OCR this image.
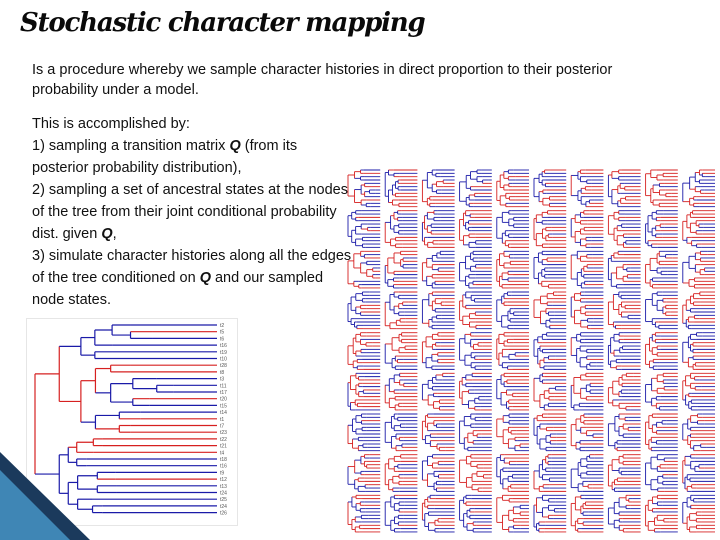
Stochastic character mapping

Is a procedure whereby we sample character histories in direct proportion to their posterior probability under a model.

This is accomplished by:
1) sampling a transition matrix Q (from its posterior probability distribution),
2) sampling a set of ancestral states at the nodes of the tree from their joint conditional probability dist. given Q,
3) simulate character histories along all the edges of the tree conditioned on Q and our sampled node states.
t2
t5
t6
t16
t19
t10
t28
t8
t3
t11
t17
t20
t15
t14
t1
t7
t23
t22
t21
t4
t18
t16
t9
t12
t13
t24
t25
t24
t26
